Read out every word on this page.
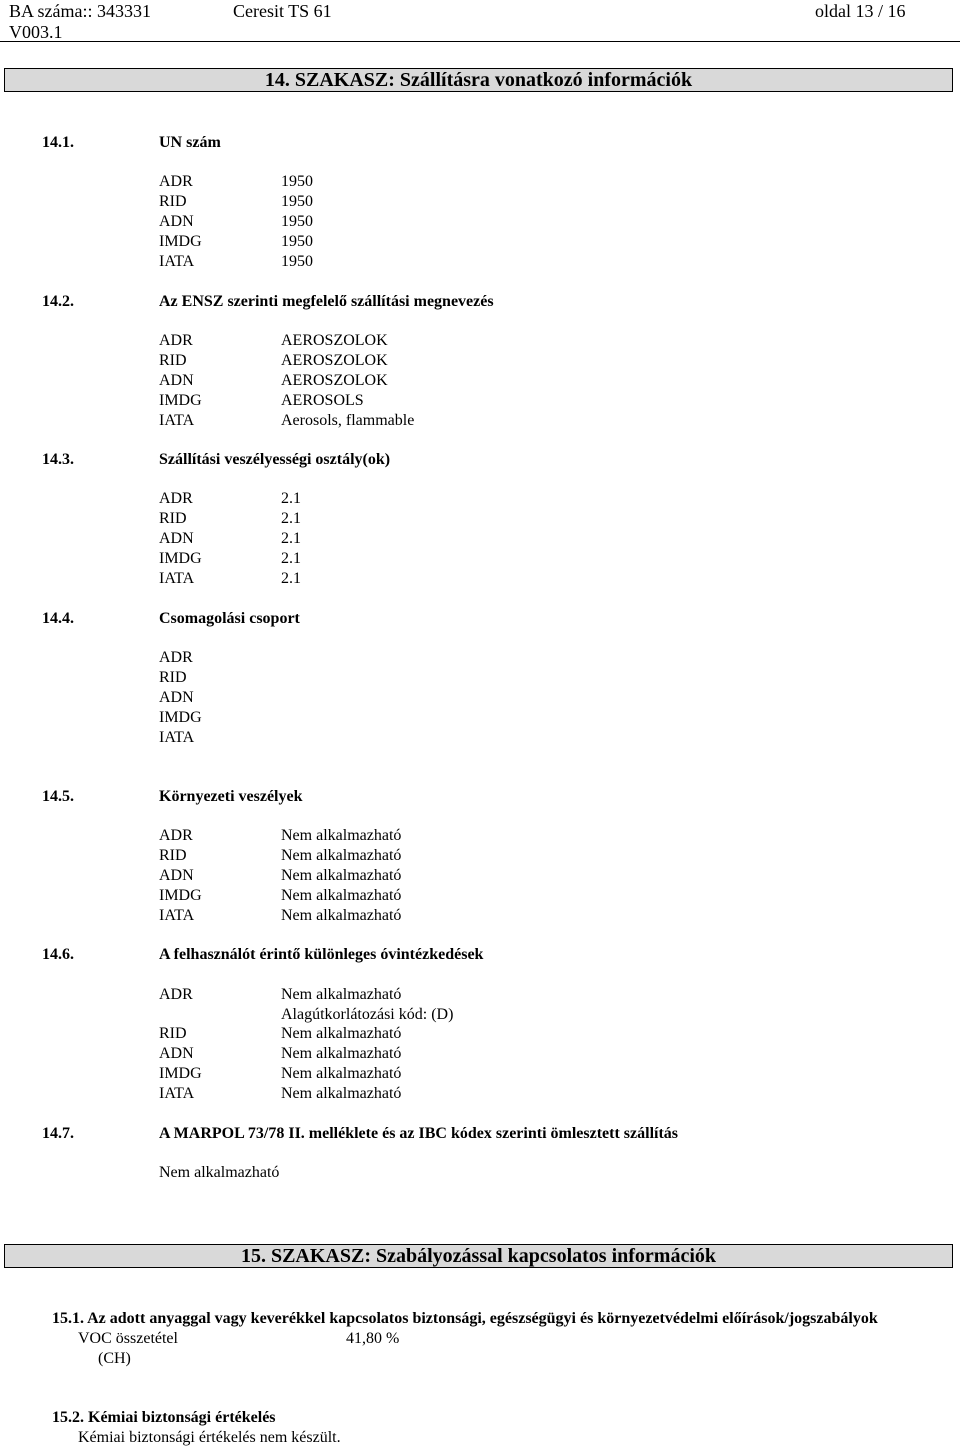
BA száma:: 343331	Ceresit TS 61	oldal 13 / 16
V003.1
14. SZAKASZ: Szállításra vonatkozó információk
14.1.	UN szám
ADR	1950
RID	1950
ADN	1950
IMDG	1950
IATA	1950
14.2.	Az ENSZ szerinti megfelelő szállítási megnevezés
ADR	AEROSZOLOK
RID	AEROSZOLOK
ADN	AEROSZOLOK
IMDG	AEROSOLS
IATA	Aerosols, flammable
14.3.	Szállítási veszélyességi osztály(ok)
ADR	2.1
RID	2.1
ADN	2.1
IMDG	2.1
IATA	2.1
14.4.	Csomagolási csoport
ADR
RID
ADN
IMDG
IATA
14.5.	Környezeti veszélyek
ADR	Nem alkalmazható
RID	Nem alkalmazható
ADN	Nem alkalmazható
IMDG	Nem alkalmazható
IATA	Nem alkalmazható
14.6.	A felhasználót érintő különleges óvintézkedések
ADR	Nem alkalmazható
Alagútkorlátozási kód: (D)
RID	Nem alkalmazható
ADN	Nem alkalmazható
IMDG	Nem alkalmazható
IATA	Nem alkalmazható
14.7.	A MARPOL 73/78 II. melléklete és az IBC kódex szerinti ömlesztett szállítás
Nem alkalmazható
15. SZAKASZ: Szabályozással kapcsolatos információk
15.1. Az adott anyaggal vagy keverékkel kapcsolatos biztonsági, egészségügyi és környezetvédelmi előírások/jogszabályok
VOC összetétel	41,80 %
(CH)
15.2. Kémiai biztonsági értékelés
Kémiai biztonsági értékelés nem készült.
